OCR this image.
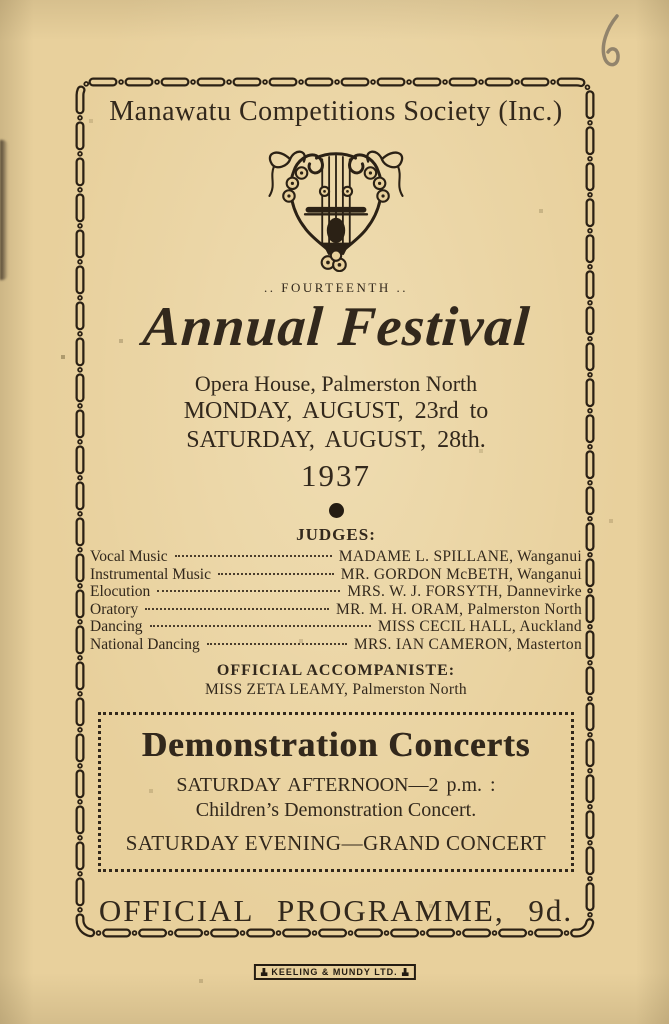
Manawatu Competitions Society (Inc.)
.. FOURTEENTH ..
Annual Festival
Opera House, Palmerston North
MONDAY, AUGUST, 23rd to
SATURDAY, AUGUST, 28th.
1937
JUDGES:
Vocal Music	MADAME L. SPILLANE, Wanganui
Instrumental Music	MR. GORDON McBETH, Wanganui
Elocution	MRS. W. J. FORSYTH, Dannevirke
Oratory	MR. M. H. ORAM, Palmerston North
Dancing	MISS CECIL HALL, Auckland
National Dancing	MRS. IAN CAMERON, Masterton
OFFICIAL ACCOMPANISTE:
MISS ZETA LEAMY, Palmerston North
Demonstration Concerts
SATURDAY AFTERNOON—2 p.m. :
Children’s Demonstration Concert.
SATURDAY EVENING—GRAND CONCERT
OFFICIAL PROGRAMME, 9d.
KEELING & MUNDY LTD.
